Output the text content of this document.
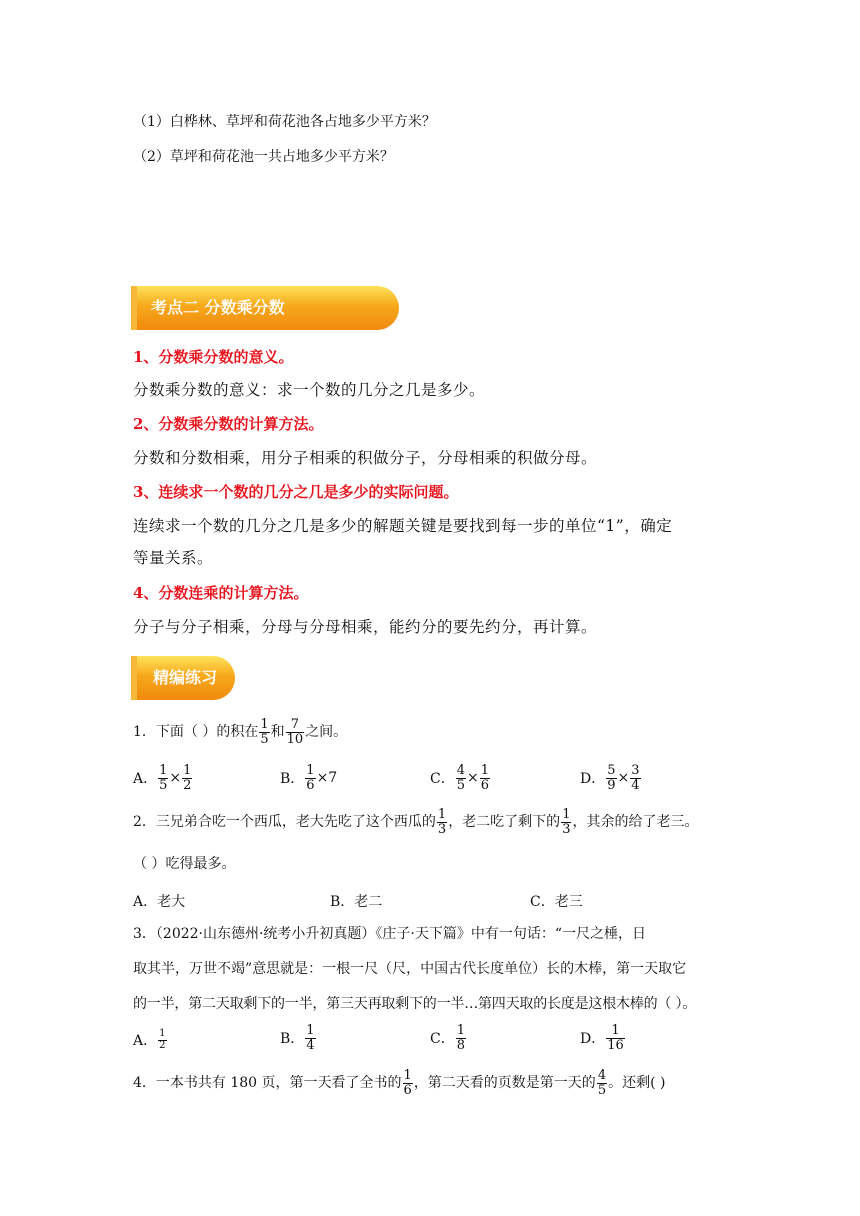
（1）白桦林、草坪和荷花池各占地多少平方米？
（2）草坪和荷花池一共占地多少平方米？
考点二 分数乘分数
1、分数乘分数的意义。
分数乘分数的意义：求一个数的几分之几是多少。
2、分数乘分数的计算方法。
分数和分数相乘，用分子相乘的积做分子，分母相乘的积做分母。
3、连续求一个数的几分之几是多少的实际问题。
连续求一个数的几分之几是多少的解题关键是要找到每一步的单位“1”，确定
等量关系。
4、分数连乘的计算方法。
分子与分子相乘，分母与分母相乘，能约分的要先约分，再计算。
精编练习
1．下面（ ）的积在 $\frac{1}{5}$ 和 $\frac{7}{10}$ 之间。
A． $\frac{1}{5} \times \frac{1}{2}$	B． $\frac{1}{6} \times 7$	C． $\frac{4}{5} \times \frac{1}{6}$	D． $\frac{5}{9} \times \frac{3}{4}$
2．三兄弟合吃一个西瓜，老大先吃了这个西瓜的 $\frac{1}{3}$ ，老二吃了剩下的 $\frac{1}{3}$ ，其余的给了老三。
（ ）吃得最多。
A．老大	B．老二	C．老三
3．（2022·山东德州·统考小升初真题）《庄子·天下篇》中有一句话：“一尺之棰，日
取其半，万世不竭”意思就是：一根一尺（尺，中国古代长度单位）长的木棒，第一天取它
的一半，第二天取剩下的一半，第三天再取剩下的一半…第四天取的长度是这根木棒的（ ）。
A． $\frac{1}{2}$	B． $\frac{1}{4}$	C． $\frac{1}{8}$	D． $\frac{1}{16}$
4．一本书共有 180 页，第一天看了全书的 $\frac{1}{6}$ ，第二天看的页数是第一天的 $\frac{4}{5}$ 。还剩( )
